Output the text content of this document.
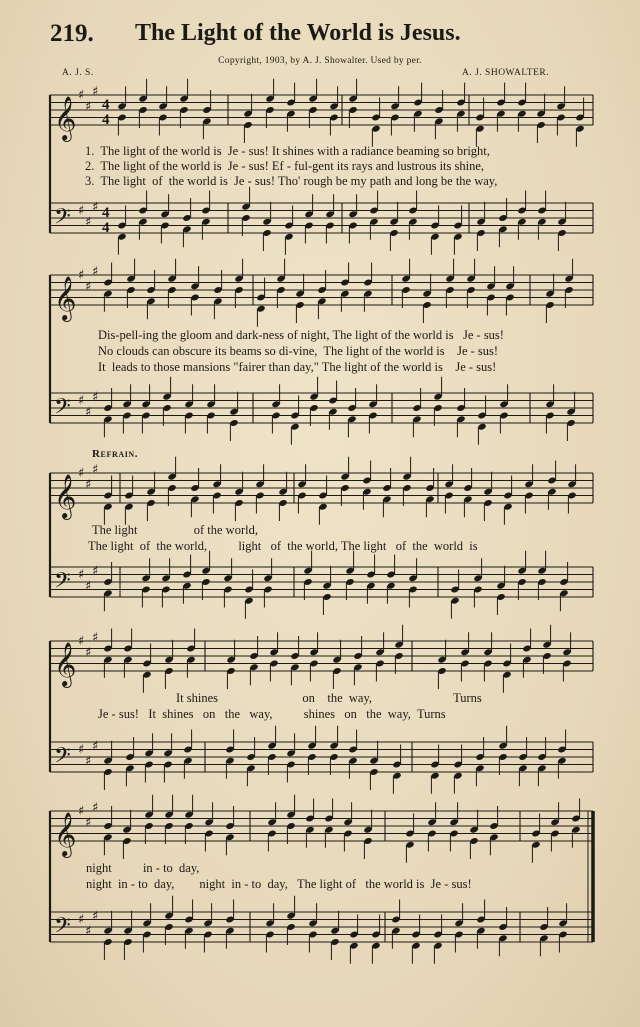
219. The Light of the World is Jesus.
Copyright, 1903, by A. J. Showalter. Used by per.
A. J. S.	A. J. SHOWALTER.
𝄞
♯
♯
♯
4
4
𝄢 ♯
♯
♯ 4
4
𝄞
♯
♯
♯
𝄢 ♯
♯
♯
𝄞
♯
♯
♯
𝄢 ♯
♯
♯
𝄞
♯
♯
♯
𝄢 ♯
♯
♯
𝄞
♯
♯
♯
𝄢 ♯
♯
♯
1.  The light of the world is  Je - sus! It shines with a radiance beaming so bright,
2.  The light of the world is  Je - sus! Ef - ful-gent its rays and lustrous its shine,
3.  The light  of  the world is  Je - sus! Tho' rough be my path and long be the way,
Dis-pell-ing the gloom and dark-ness of night, The light of the world is   Je - sus!
No clouds can obscure its beams so di-vine,  The light of the world is    Je - sus!
It  leads to those mansions "fairer than day," The light of the world is    Je - sus!
Refrain.
The light                  of the world,
The light  of  the world,          light   of  the world, The light   of  the  world  is
It shines                           on    the  way,                          Turns
Je - sus!   It  shines   on   the   way,          shines   on   the  way,  Turns
night          in - to  day,
night  in - to  day,        night  in - to  day,   The light of   the world is  Je - sus!
